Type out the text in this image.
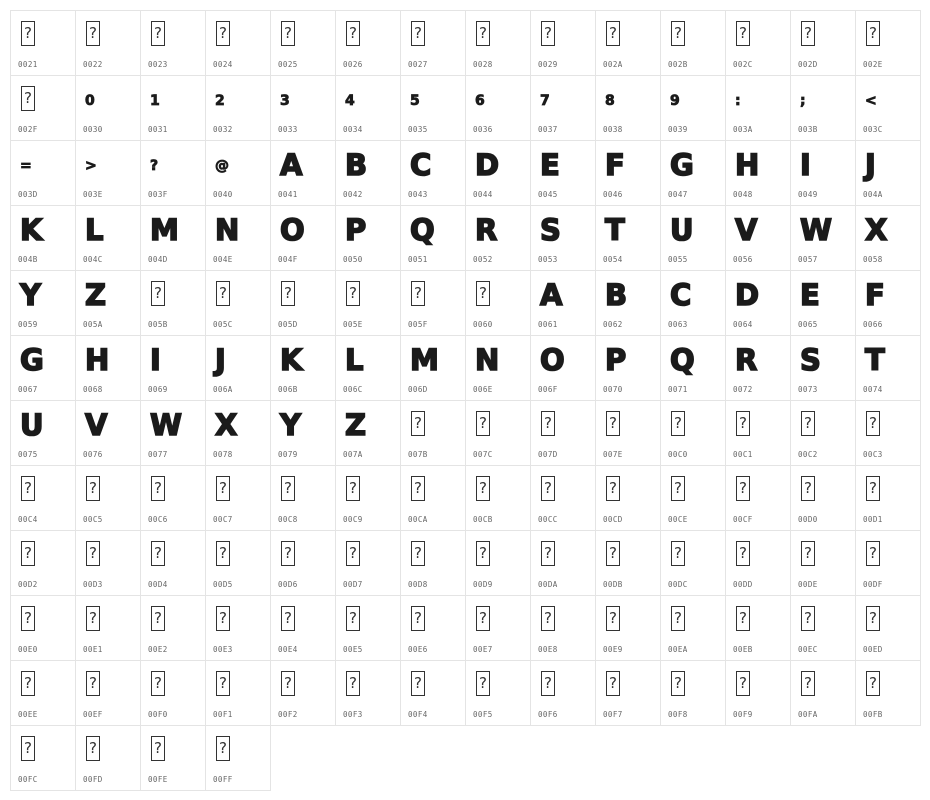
?
0021
?
0022
?
0023
?
0024
?
0025
?
0026
?
0027
?
0028
?
0029
?
002A
?
002B
?
002C
?
002D
?
002E
?
002F
0
0030
1
0031
2
0032
3
0033
4
0034
5
0035
6
0036
7
0037
8
0038
9
0039
:
003A
;
003B
<
003C
=
003D
>
003E
?
003F
@
0040
A
0041
B
0042
C
0043
D
0044
E
0045
F
0046
G
0047
H
0048
I
0049
J
004A
K
004B
L
004C
M
004D
N
004E
O
004F
P
0050
Q
0051
R
0052
S
0053
T
0054
U
0055
V
0056
W
0057
X
0058
Y
0059
Z
005A
?
005B
?
005C
?
005D
?
005E
?
005F
?
0060
A
0061
B
0062
C
0063
D
0064
E
0065
F
0066
G
0067
H
0068
I
0069
J
006A
K
006B
L
006C
M
006D
N
006E
O
006F
P
0070
Q
0071
R
0072
S
0073
T
0074
U
0075
V
0076
W
0077
X
0078
Y
0079
Z
007A
?
007B
?
007C
?
007D
?
007E
?
00C0
?
00C1
?
00C2
?
00C3
?
00C4
?
00C5
?
00C6
?
00C7
?
00C8
?
00C9
?
00CA
?
00CB
?
00CC
?
00CD
?
00CE
?
00CF
?
00D0
?
00D1
?
00D2
?
00D3
?
00D4
?
00D5
?
00D6
?
00D7
?
00D8
?
00D9
?
00DA
?
00DB
?
00DC
?
00DD
?
00DE
?
00DF
?
00E0
?
00E1
?
00E2
?
00E3
?
00E4
?
00E5
?
00E6
?
00E7
?
00E8
?
00E9
?
00EA
?
00EB
?
00EC
?
00ED
?
00EE
?
00EF
?
00F0
?
00F1
?
00F2
?
00F3
?
00F4
?
00F5
?
00F6
?
00F7
?
00F8
?
00F9
?
00FA
?
00FB
?
00FC
?
00FD
?
00FE
?
00FF
